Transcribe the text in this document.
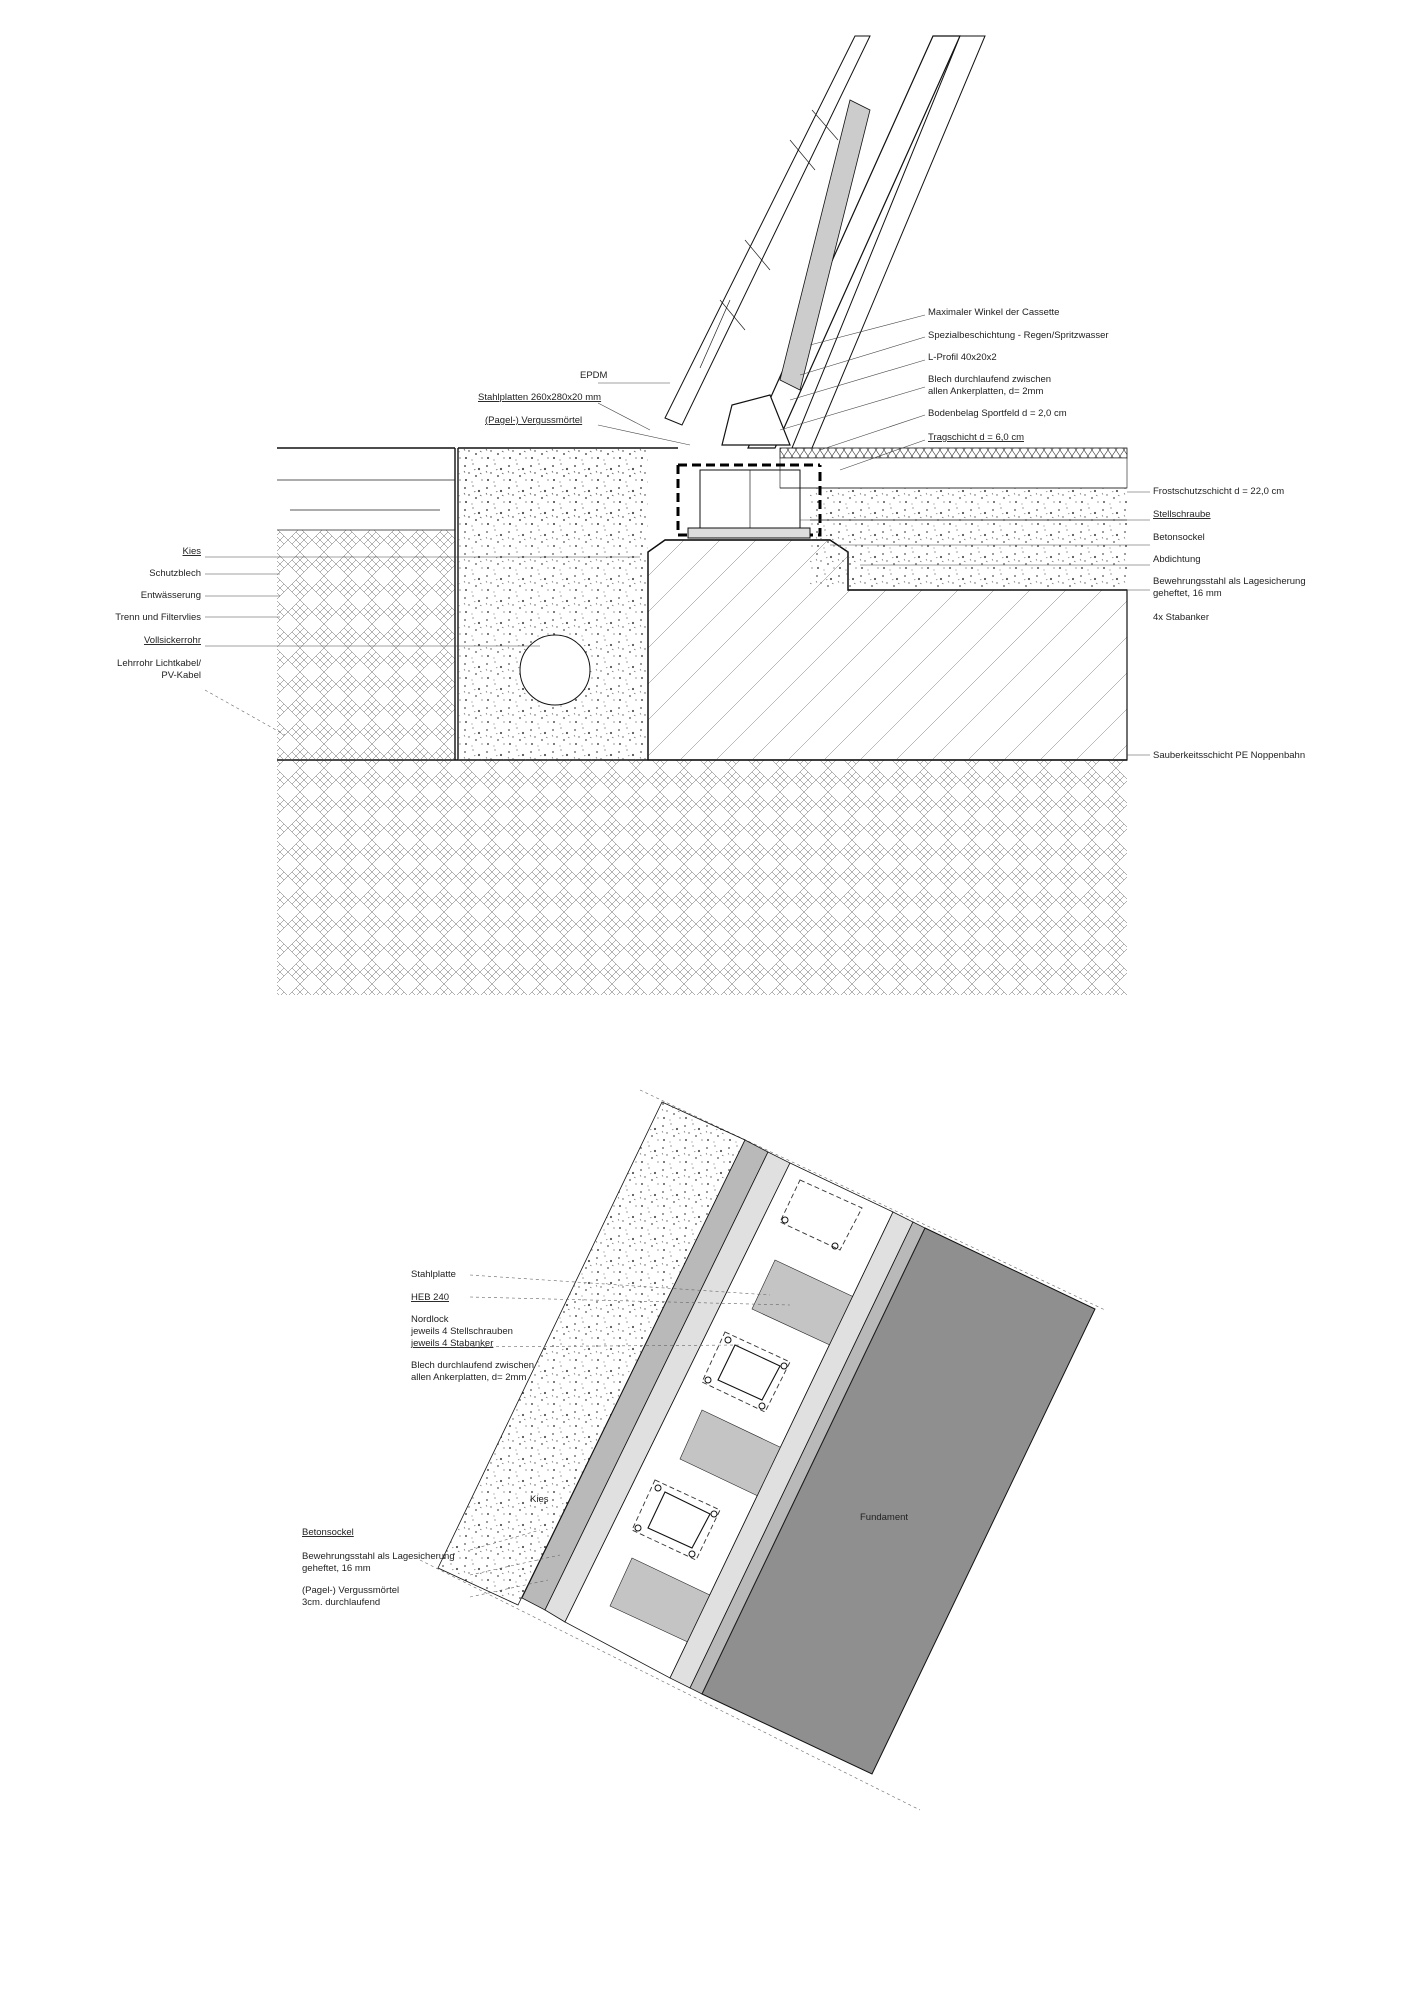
Maximaler Winkel der Cassette
Spezialbeschichtung - Regen/Spritzwasser
L-Profil 40x20x2
Blech durchlaufend zwischen
allen Ankerplatten, d= 2mm
Bodenbelag Sportfeld d = 2,0 cm
Tragschicht d = 6,0 cm
Frostschutzschicht d = 22,0 cm
Stellschraube
Betonsockel
Abdichtung
Bewehrungsstahl als Lagesicherung
geheftet, 16 mm
4x Stabanker
Sauberkeitsschicht PE Noppenbahn
EPDM
Stahlplatten 260x280x20 mm
(Pagel-) Vergussmörtel
Kies
Schutzblech
Entwässerung
Trenn und Filtervlies
Vollsickerrohr
Lehrrohr Lichtkabel/
PV-Kabel
Stahlplatte
HEB 240
Nordlock
jeweils 4 Stellschrauben
jeweils 4 Stabanker
Blech durchlaufend zwischen
allen Ankerplatten, d= 2mm
Betonsockel
Bewehrungsstahl als Lagesicherung
geheftet, 16 mm
(Pagel-) Vergussmörtel
3cm. durchlaufend
Kies
Fundament
